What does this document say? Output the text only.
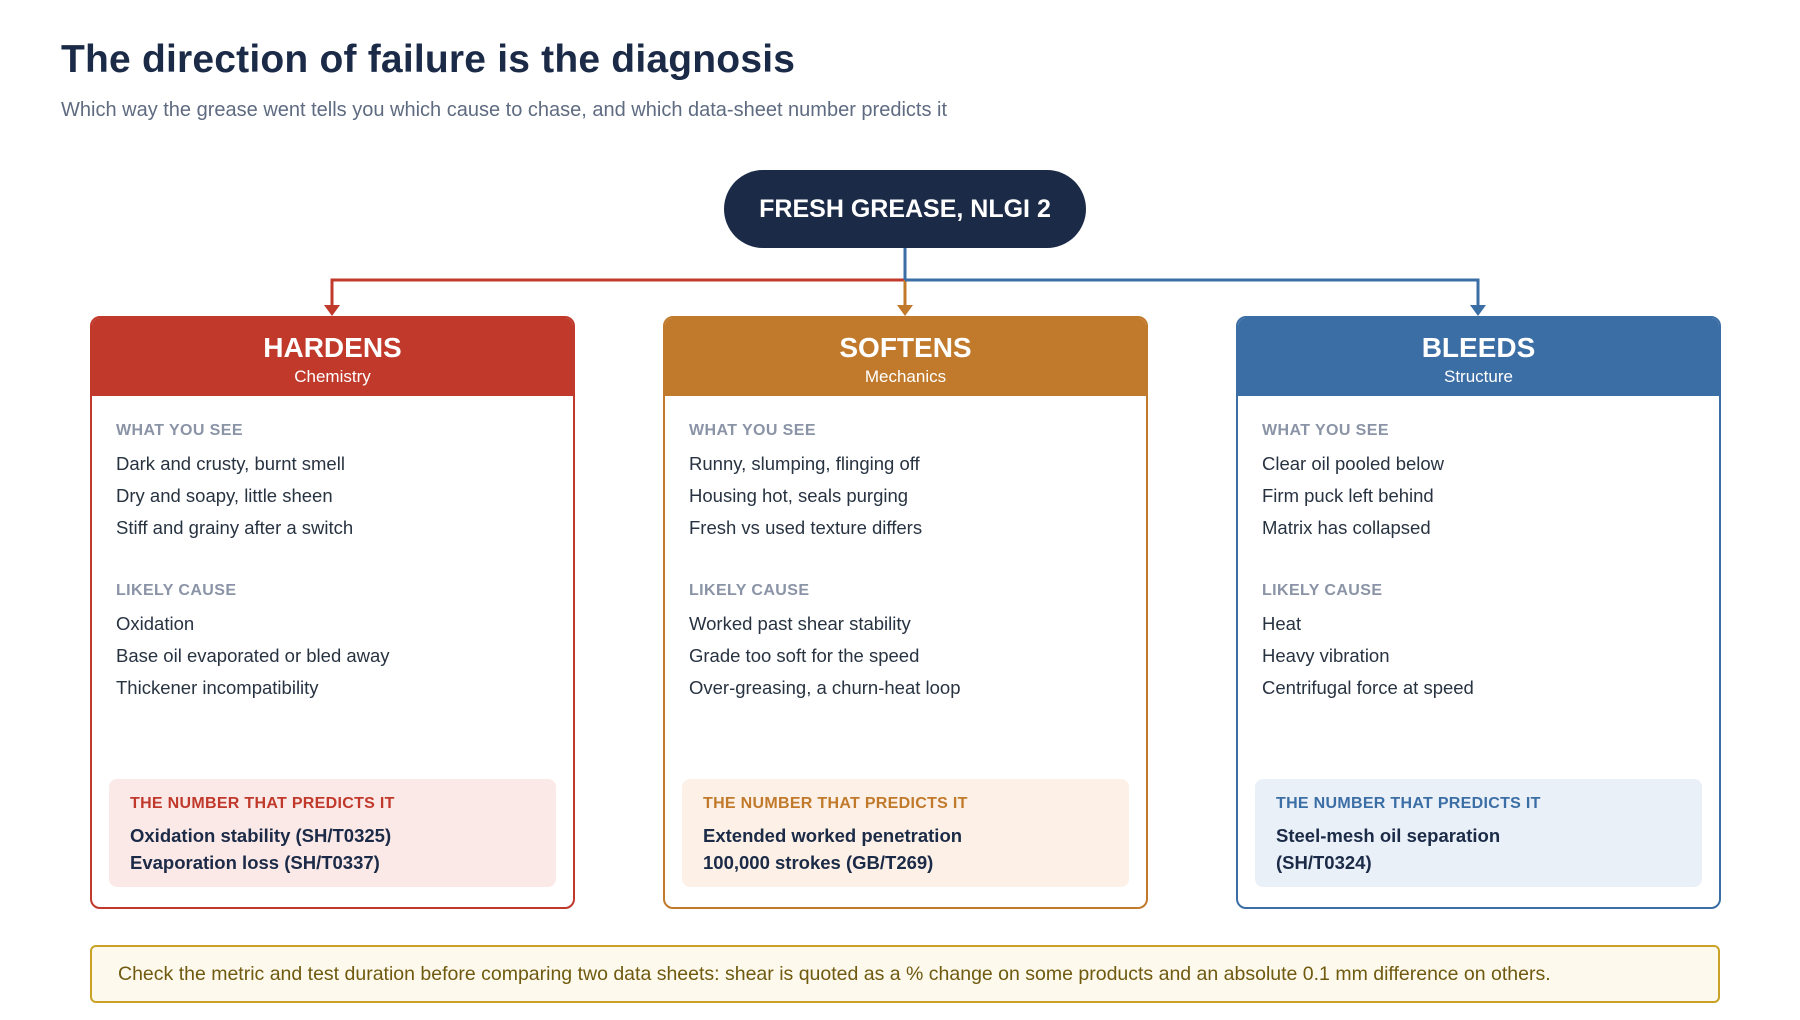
The direction of failure is the diagnosis
Which way the grease went tells you which cause to chase, and which data-sheet number predicts it
FRESH GREASE, NLGI 2
HARDENS
Chemistry
WHAT YOU SEE
Dark and crusty, burnt smell
Dry and soapy, little sheen
Stiff and grainy after a switch
LIKELY CAUSE
Oxidation
Base oil evaporated or bled away
Thickener incompatibility
THE NUMBER THAT PREDICTS IT
Oxidation stability (SH/T0325)
Evaporation loss (SH/T0337)
SOFTENS
Mechanics
WHAT YOU SEE
Runny, slumping, flinging off
Housing hot, seals purging
Fresh vs used texture differs
LIKELY CAUSE
Worked past shear stability
Grade too soft for the speed
Over-greasing, a churn-heat loop
THE NUMBER THAT PREDICTS IT
Extended worked penetration
100,000 strokes (GB/T269)
BLEEDS
Structure
WHAT YOU SEE
Clear oil pooled below
Firm puck left behind
Matrix has collapsed
LIKELY CAUSE
Heat
Heavy vibration
Centrifugal force at speed
THE NUMBER THAT PREDICTS IT
Steel-mesh oil separation
(SH/T0324)
Check the metric and test duration before comparing two data sheets: shear is quoted as a % change on some products and an absolute 0.1 mm difference on others.
